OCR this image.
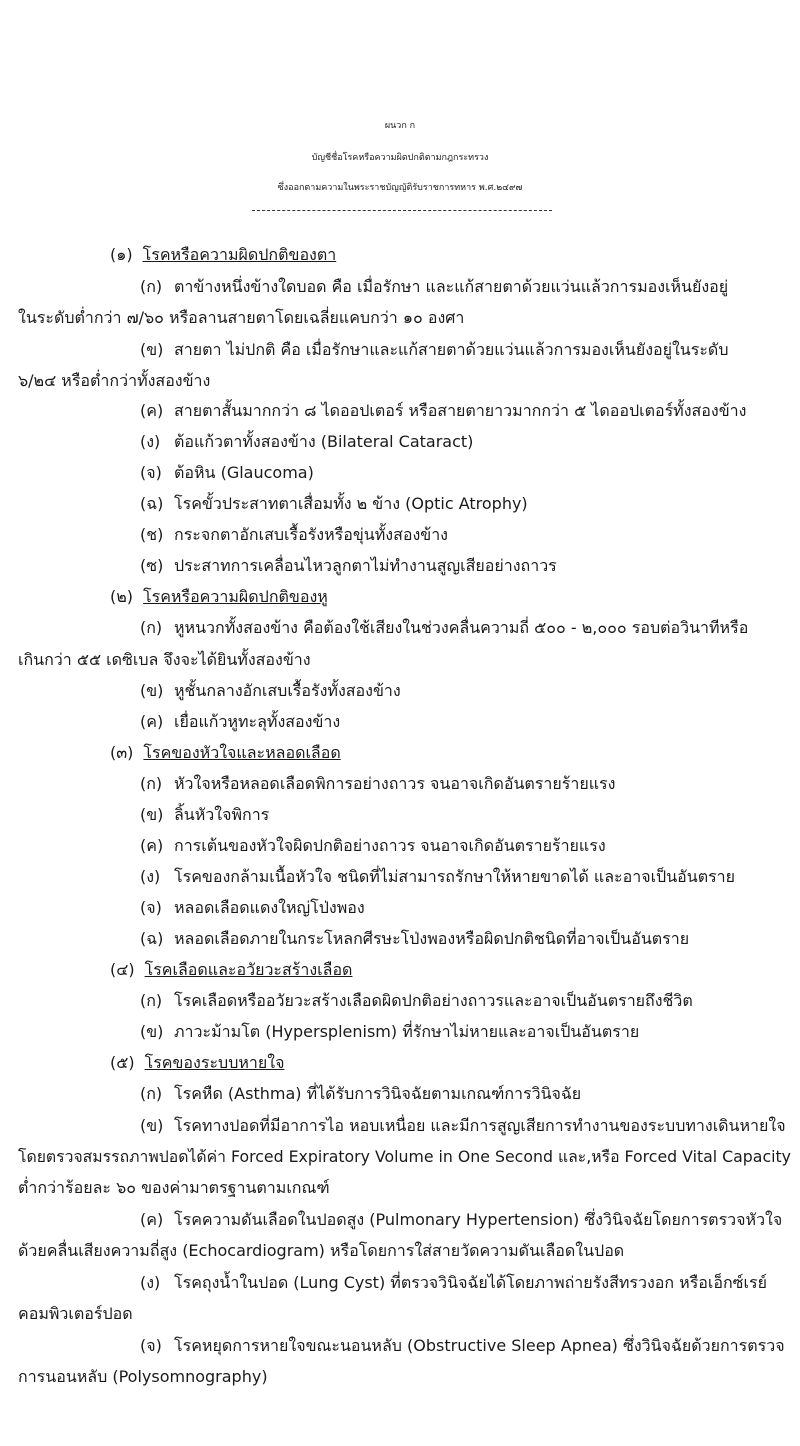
ผนวก ก
บัญชีชื่อโรคหรือความผิดปกติตามกฎกระทรวง
ซึ่งออกตามความในพระราชบัญญัติรับราชการทหาร พ.ศ.๒๔๙๗
(๑) โรคหรือความผิดปกติของตา
(ก) ตาข้างหนึ่งข้างใดบอด คือ เมื่อรักษา และแก้สายตาด้วยแว่นแล้วการมองเห็นยังอยู่
ในระดับต่ำกว่า ๗/๖๐ หรือลานสายตาโดยเฉลี่ยแคบกว่า ๑๐ องศา
(ข) สายตา ไม่ปกติ คือ เมื่อรักษาและแก้สายตาด้วยแว่นแล้วการมองเห็นยังอยู่ในระดับ
๖/๒๔ หรือต่ำกว่าทั้งสองข้าง
(ค) สายตาสั้นมากกว่า ๘ ไดออปเตอร์ หรือสายตายาวมากกว่า ๕ ไดออปเตอร์ทั้งสองข้าง
(ง) ต้อแก้วตาทั้งสองข้าง (Bilateral Cataract)
(จ) ต้อหิน (Glaucoma)
(ฉ) โรคขั้วประสาทตาเสื่อมทั้ง ๒ ข้าง (Optic Atrophy)
(ช) กระจกตาอักเสบเรื้อรังหรือขุ่นทั้งสองข้าง
(ซ) ประสาทการเคลื่อนไหวลูกตาไม่ทำงานสูญเสียอย่างถาวร
(๒) โรคหรือความผิดปกติของหู
(ก) หูหนวกทั้งสองข้าง คือต้องใช้เสียงในช่วงคลื่นความถี่ ๕๐๐ - ๒,๐๐๐ รอบต่อวินาทีหรือ
เกินกว่า ๕๕ เดซิเบล จึงจะได้ยินทั้งสองข้าง
(ข) หูชั้นกลางอักเสบเรื้อรังทั้งสองข้าง
(ค) เยื่อแก้วหูทะลุทั้งสองข้าง
(๓) โรคของหัวใจและหลอดเลือด
(ก) หัวใจหรือหลอดเลือดพิการอย่างถาวร จนอาจเกิดอันตรายร้ายแรง
(ข) ลิ้นหัวใจพิการ
(ค) การเต้นของหัวใจผิดปกติอย่างถาวร จนอาจเกิดอันตรายร้ายแรง
(ง) โรคของกล้ามเนื้อหัวใจ ชนิดที่ไม่สามารถรักษาให้หายขาดได้ และอาจเป็นอันตราย
(จ) หลอดเลือดแดงใหญ่โป่งพอง
(ฉ) หลอดเลือดภายในกระโหลกศีรษะโป่งพองหรือผิดปกติชนิดที่อาจเป็นอันตราย
(๔) โรคเลือดและอวัยวะสร้างเลือด
(ก) โรคเลือดหรืออวัยวะสร้างเลือดผิดปกติอย่างถาวรและอาจเป็นอันตรายถึงชีวิต
(ข) ภาวะม้ามโต (Hypersplenism) ที่รักษาไม่หายและอาจเป็นอันตราย
(๕) โรคของระบบหายใจ
(ก) โรคหืด (Asthma) ที่ได้รับการวินิจฉัยตามเกณฑ์การวินิจฉัย
(ข) โรคทางปอดที่มีอาการไอ หอบเหนื่อย และมีการสูญเสียการทำงานของระบบทางเดินหายใจ
โดยตรวจสมรรถภาพปอดได้ค่า Forced Expiratory Volume in One Second และ,หรือ Forced Vital Capacity
ต่ำกว่าร้อยละ ๖๐ ของค่ามาตรฐานตามเกณฑ์
(ค) โรคความดันเลือดในปอดสูง (Pulmonary Hypertension) ซึ่งวินิจฉัยโดยการตรวจหัวใจ
ด้วยคลื่นเสียงความถี่สูง (Echocardiogram) หรือโดยการใส่สายวัดความดันเลือดในปอด
(ง) โรคถุงน้ำในปอด (Lung Cyst) ที่ตรวจวินิจฉัยได้โดยภาพถ่ายรังสีทรวงอก หรือเอ็กซ์เรย์
คอมพิวเตอร์ปอด
(จ) โรคหยุดการหายใจขณะนอนหลับ (Obstructive Sleep Apnea) ซึ่งวินิจฉัยด้วยการตรวจ
การนอนหลับ (Polysomnography)
